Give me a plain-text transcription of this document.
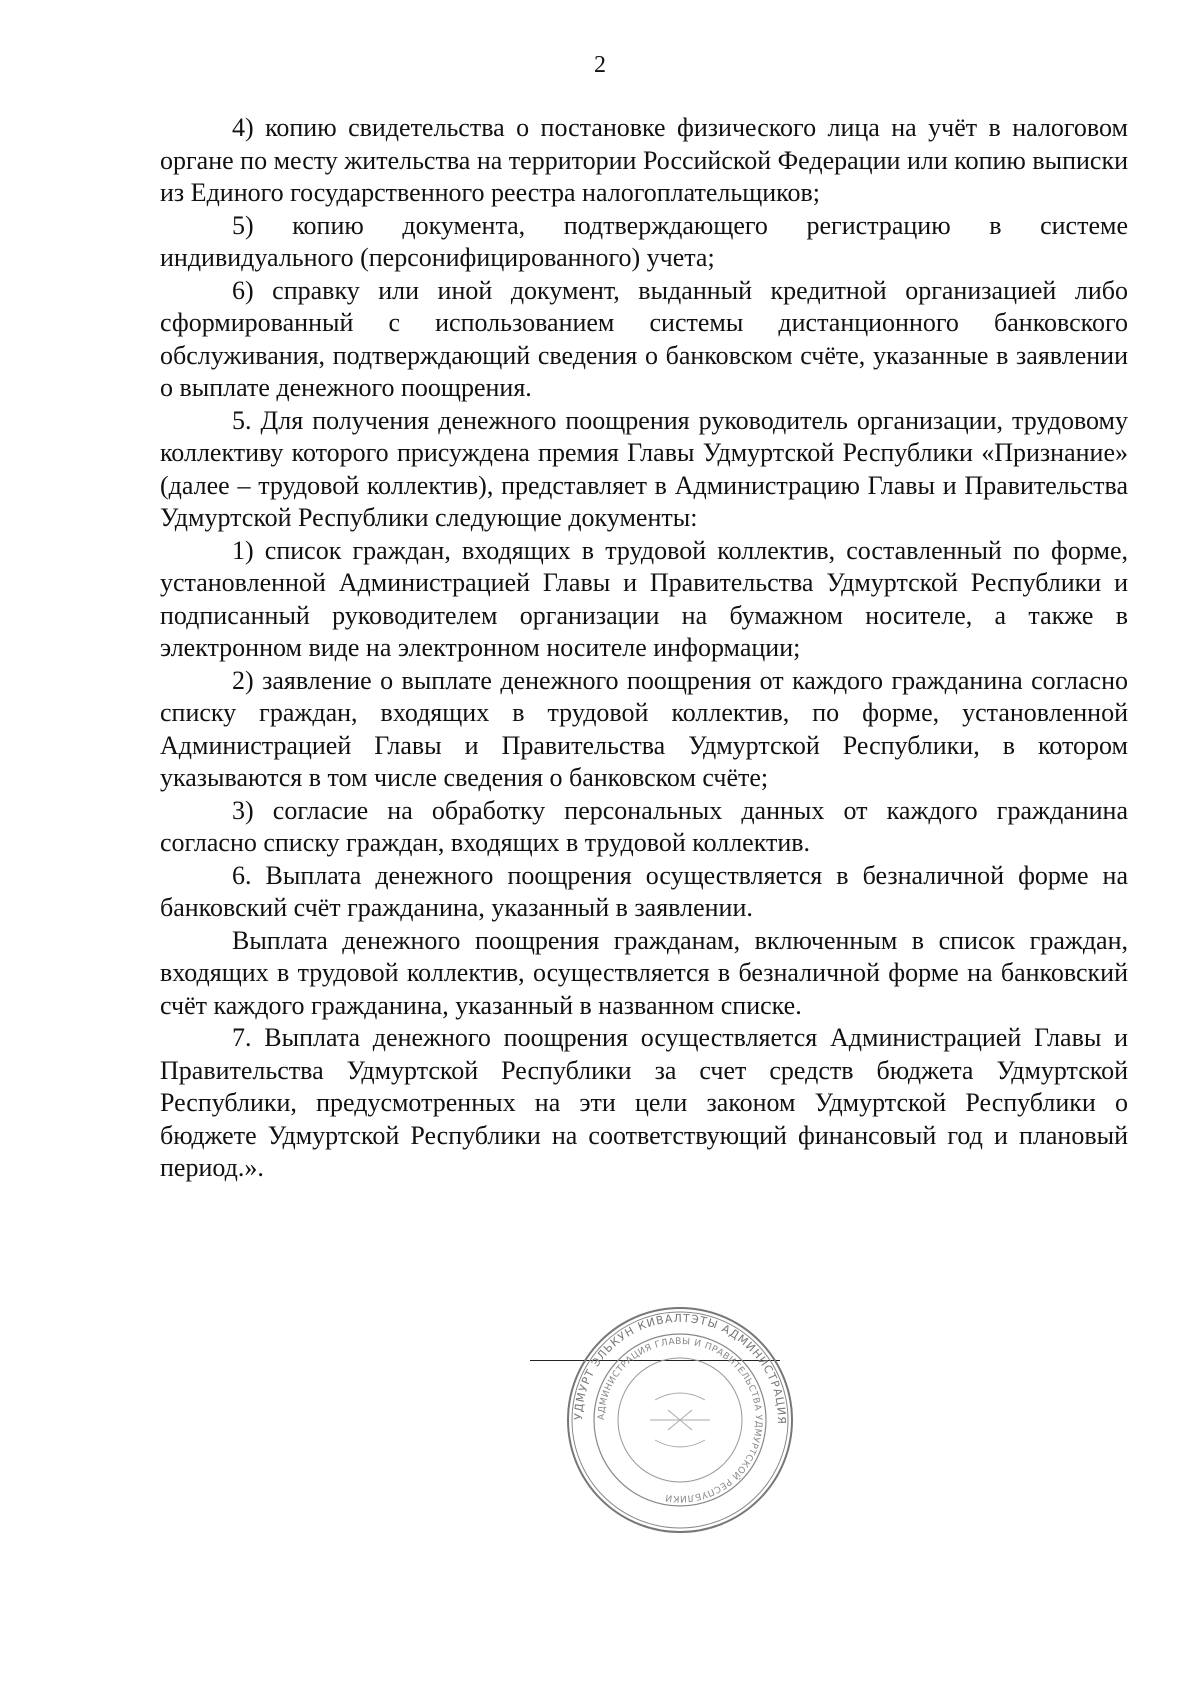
2

4) копию свидетельства о постановке физического лица на учёт в налоговом органе по месту жительства на территории Российской Федерации или копию выписки из Единого государственного реестра налогоплательщиков;

5) копию документа, подтверждающего регистрацию в системе индивидуального (персонифицированного) учета;

6) справку или иной документ, выданный кредитной организацией либо сформированный с использованием системы дистанционного банковского обслуживания, подтверждающий сведения о банковском счёте, указанные в заявлении о выплате денежного поощрения.

5. Для получения денежного поощрения руководитель организации, трудовому коллективу которого присуждена премия Главы Удмуртской Республики «Признание» (далее – трудовой коллектив), представляет в Администрацию Главы и Правительства Удмуртской Республики следующие документы:

1) список граждан, входящих в трудовой коллектив, составленный по форме, установленной Администрацией Главы и Правительства Удмуртской Республики и подписанный руководителем организации на бумажном носителе, а также в электронном виде на электронном носителе информации;

2) заявление о выплате денежного поощрения от каждого гражданина согласно списку граждан, входящих в трудовой коллектив, по форме, установленной Администрацией Главы и Правительства Удмуртской Республики, в котором указываются в том числе сведения о банковском счёте;

3) согласие на обработку персональных данных от каждого гражданина согласно списку граждан, входящих в трудовой коллектив.

6. Выплата денежного поощрения осуществляется в безналичной форме на банковский счёт гражданина, указанный в заявлении.

Выплата денежного поощрения гражданам, включенным в список граждан, входящих в трудовой коллектив, осуществляется в безналичной форме на банковский счёт каждого гражданина, указанный в названном списке.

7. Выплата денежного поощрения осуществляется Администрацией Главы и Правительства Удмуртской Республики за счет средств бюджета Удмуртской Республики, предусмотренных на эти цели законом Удмуртской Республики о бюджете Удмуртской Республики на соответствующий финансовый год и плановый период.».

УДМУРТ ЭЛЬКУН КИВАЛТЭТЫ АДМИНИСТРАЦИЯ
АДМИНИСТРАЦИЯ ГЛАВЫ И ПРАВИТЕЛЬСТВА УДМУРТСКОЙ РЕСПУБЛИКИ
